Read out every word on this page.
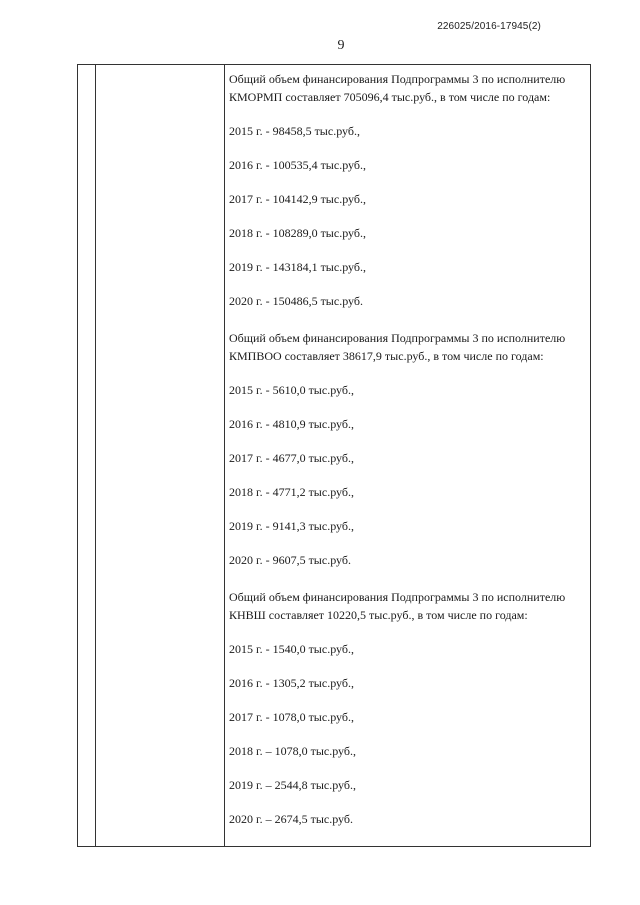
226025/2016-17945(2)
9
Общий объем финансирования Подпрограммы 3 по исполнителю
КМОРМП составляет 705096,4 тыс.руб., в том числе по годам:
2015 г. - 98458,5 тыс.руб.,
2016 г. - 100535,4 тыс.руб.,
2017 г. - 104142,9 тыс.руб.,
2018 г. - 108289,0 тыс.руб.,
2019 г. - 143184,1 тыс.руб.,
2020 г. - 150486,5 тыс.руб.
Общий объем финансирования Подпрограммы 3 по исполнителю
КМПВОО составляет 38617,9 тыс.руб., в том числе по годам:
2015 г. - 5610,0 тыс.руб.,
2016 г. - 4810,9 тыс.руб.,
2017 г. - 4677,0 тыс.руб.,
2018 г. - 4771,2 тыс.руб.,
2019 г. - 9141,3 тыс.руб.,
2020 г. - 9607,5 тыс.руб.
Общий объем финансирования Подпрограммы 3 по исполнителю
КНВШ составляет 10220,5 тыс.руб., в том числе по годам:
2015 г. - 1540,0 тыс.руб.,
2016 г. - 1305,2 тыс.руб.,
2017 г. - 1078,0 тыс.руб.,
2018 г. – 1078,0 тыс.руб.,
2019 г. – 2544,8 тыс.руб.,
2020 г. – 2674,5 тыс.руб.
